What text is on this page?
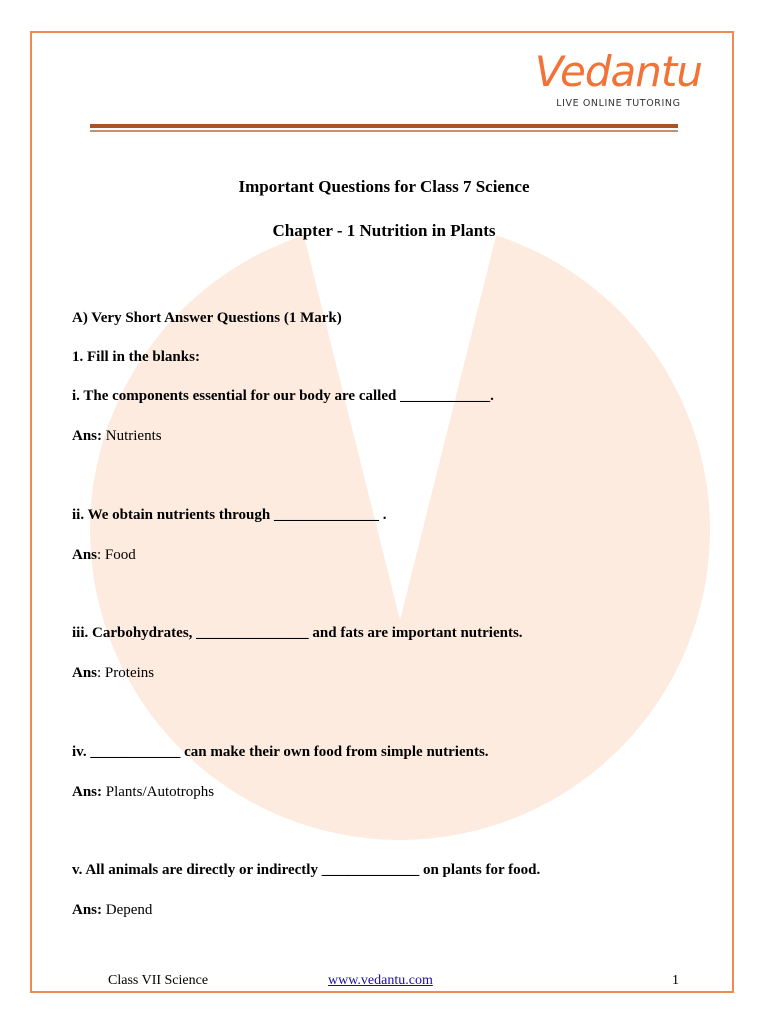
Vedantu
LIVE ONLINE TUTORING
Important Questions for Class 7 Science
Chapter - 1 Nutrition in Plants
A) Very Short Answer Questions (1 Mark)
1. Fill in the blanks:
i. The components essential for our body are called ____________.
Ans: Nutrients
ii. We obtain nutrients through ______________ .
Ans: Food
iii. Carbohydrates, _______________ and fats are important nutrients.
Ans: Proteins
iv. ____________ can make their own food from simple nutrients.
Ans: Plants/Autotrophs
v. All animals are directly or indirectly _____________ on plants for food.
Ans: Depend
Class VII Science	www.vedantu.com	1
